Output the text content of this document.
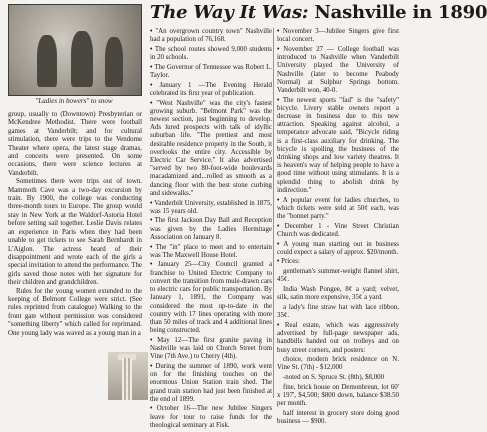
"Ladies in bowers" to snow

group, usually to (Downtown) Presbyterian or McKendree Methodist. There were football games at Vanderbilt; and for cultural stimulation, there were trips to the Vendome Theater where opera, the latest stage dramas, and concerts were presented. On some occasions, there were science lectures at Vanderbilt.

Sometimes there were trips out of town. Mammoth Cave was a two-day excursion by train. By 1900, the college was conducting three-month tours to Europe. The group would stay in New York at the Waldorf-Astoria Hotel before setting sail together. Leslie Davis relates an experience in Paris when they had been unable to get tickets to see Sarah Bernhardt in L'Aiglon. The actress heard of their disappointment and wrote each of the girls a special invitation to attend the performance. The girls saved those notes with her signature for their children and grandchildren.

Rules for the young women extended to the keeping of Belmont College were strict. (See rules reprinted from catalogue) Walking to the front gate without permission was considered "something liberty" which called for reprimand. One young lady was waved as a young man in a

The Way It Was: Nashville in 1890
• "An overgrown country town" Nashville had a population of 76,168.
• The school routes showed 9,000 students in 20 schools.
• The Governor of Tennessee was Robert L. Taylor.
• January 1 —The Evening Herald celebrated its first year of publication.
• "West Nashville" was the city's fastest growing suburb. "Belmont Park" was the newest section, just beginning to develop. Ads lured prospects with talk of idyllic suburban life. "The prettiest and most desirable residence property in the South, it overlooks the entire city. Accessible by Electric Car Service." It also advertised "served by two 80-foot-wide boulevards macadamized and...rolled as smooth as a dancing floor with the best stone curbing and sidewalks."
• Vanderbilt University, established in 1875, was 15 years old.
• The first Jackson Day Ball and Reception was given by the Ladies Hermitage Association on January 8.
• The "in" place to meet and to entertain was The Maxwell House Hotel.
• January 25—City Council granted a franchise to United Electric Company to convert the transition from mule-drawn cars to electric cars for public transportation. By January 1, 1891, the Company was considered the most up-to-date in the country with 17 lines operating with more than 50 miles of track and 4 additional lines being constructed.
• May 12—The first granite paving in Nashville was laid on Church Street from Vine (7th Ave.) to Cherry (4th).
• During the summer of 1890, work went on for the finishing touches on the enormous Union Station train shed. The grand train station had just been finished at the end of 1899.
• October 16—The new Jubilee Singers leave for tour to raise funds for the theological seminary at Fisk.
• November 3—Jubilee Singers give first local concert.
• November 27 — College football was introduced to Nashville when Vanderbilt University played the University of Nashville (later to become Peabody Normal) at Sulphur Springs bottom. Vanderbilt won, 40-0.
• The newest sports "fad" is the "safety" bicycle. Livery stable owners report a decrease in business due to this new attraction. Speaking against alcohol, a temperance advocate said, "Bicycle riding is a first-class auxiliary for drinking. The bicycle is spoiling the business of the drinking shops and low variety theatres. It is heaven's way of helping people to have a good time without using stimulants. It is a splendid thing to abolish drink by indirection."
• A popular event for ladies churches, to which tickets were sold at 50¢ each, was the "bonnet party."
• December 1 - Vine Street Christian Church was dedicated.
• A young man starting out in business could expect a salary of approx. $20/month.
• Prices:
gentleman's summer-weight flannel shirt, 45¢.
India Wash Pongee, 8¢ a yard; velvet, silk, satin more expensive, 35¢ a yard.
a lady's fine straw hat with lace ribbon, 35¢.
• Real estate, which was aggressively advertised by full-page newspaper ads, handbills handed out on trolleys and on busy street corners, and posters:
choice, modern brick residence on N. Vine St. (7th) - $12,000
-noted on S. Spruce St. (8th), $8,000
fine, brick house on Demonbreun, lot 60' x 197', $4,500; $800 down, balance $38.50 per month.
half interest in grocery store doing good business — $900.
